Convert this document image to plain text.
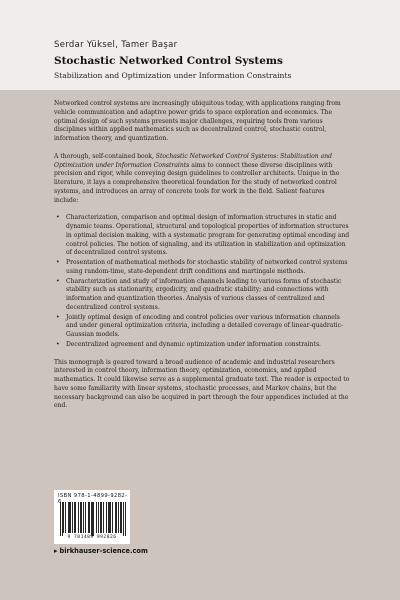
Serdar Yüksel, Tamer Başar
Stochastic Networked Control Systems
Stabilization and Optimization under Information Constraints

Networked control systems are increasingly ubiquitous today, with applications ranging from vehicle communication and adaptive power grids to space exploration and economics. The optimal design of such systems presents major challenges, requiring tools from various disciplines within applied mathematics such as decentralized control, stochastic control, information theory, and quantization.

A thorough, self-contained book, Stochastic Networked Control Systems: Stabilization and Optimization under Information Constraints aims to connect these diverse disciplines with precision and rigor, while conveying design guidelines to controller architects. Unique in the literature, it lays a comprehensive theoretical foundation for the study of networked control systems, and introduces an array of concrete tools for work in the field. Salient features include:

• Characterization, comparison and optimal design of information structures in static and dynamic teams. Operational, structural and topological properties of information structures in optimal decision making, with a systematic program for generating optimal encoding and control policies. The notion of signaling, and its utilization in stabilization and optimization of decentralized control systems.
• Presentation of mathematical methods for stochastic stability of networked control systems using random-time, state-dependent drift conditions and martingale methods.
• Characterization and study of information channels leading to various forms of stochastic stability such as stationarity, ergodicity, and quadratic stability; and connections with information and quantization theories. Analysis of various classes of centralized and decentralized control systems.
• Jointly optimal design of encoding and control policies over various information channels and under general optimization criteria, including a detailed coverage of linear-quadratic-Gaussian models.
• Decentralized agreement and dynamic optimization under information constraints.

This monograph is geared toward a broad audience of academic and industrial researchers interested in control theory, information theory, optimization, economics, and applied mathematics. It could likewise serve as a supplemental graduate text. The reader is expected to have some familiarity with linear systems, stochastic processes, and Markov chains, but the necessary background can also be acquired in part through the four appendices included at the end.

ISBN 978-1-4899-9282-6
9 781489 992826
▸ birkhauser-science.com
